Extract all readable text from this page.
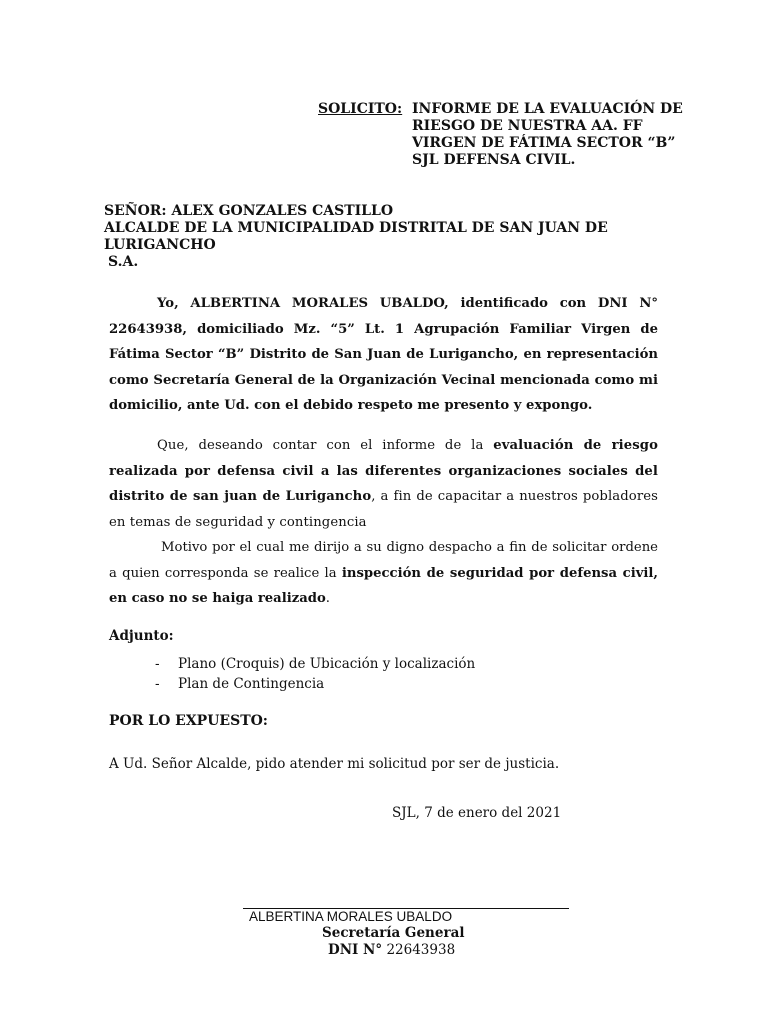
SOLICITO: INFORME DE LA EVALUACIÓN DE
RIESGO DE NUESTRA AA. FF
VIRGEN DE FÁTIMA SECTOR “B”
SJL DEFENSA CIVIL.
SEÑOR: ALEX GONZALES CASTILLO
ALCALDE DE LA MUNICIPALIDAD DISTRITAL DE SAN JUAN DE
LURIGANCHO
S.A.
Yo, ALBERTINA MORALES UBALDO, identificado con DNI N° 22643938, domiciliado Mz. “5” Lt. 1 Agrupación Familiar Virgen de Fátima Sector “B” Distrito de San Juan de Lurigancho, en representación como Secretaría General de la Organización Vecinal mencionada como mi domicilio, ante Ud. con el debido respeto me presento y expongo.
Que, deseando contar con el informe de la evaluación de riesgo realizada por defensa civil a las diferentes organizaciones sociales del distrito de san juan de Lurigancho, a fin de capacitar a nuestros pobladores en temas de seguridad y contingencia
Motivo por el cual me dirijo a su digno despacho a fin de solicitar ordene a quien corresponda se realice la inspección de seguridad por defensa civil, en caso no se haiga realizado.
Adjunto:
- Plano (Croquis) de Ubicación y localización
- Plan de Contingencia
POR LO EXPUESTO:
A Ud. Señor Alcalde, pido atender mi solicitud por ser de justicia.
SJL, 7 de enero del 2021
ALBERTINA MORALES UBALDO
Secretaría General
DNI N° 22643938
